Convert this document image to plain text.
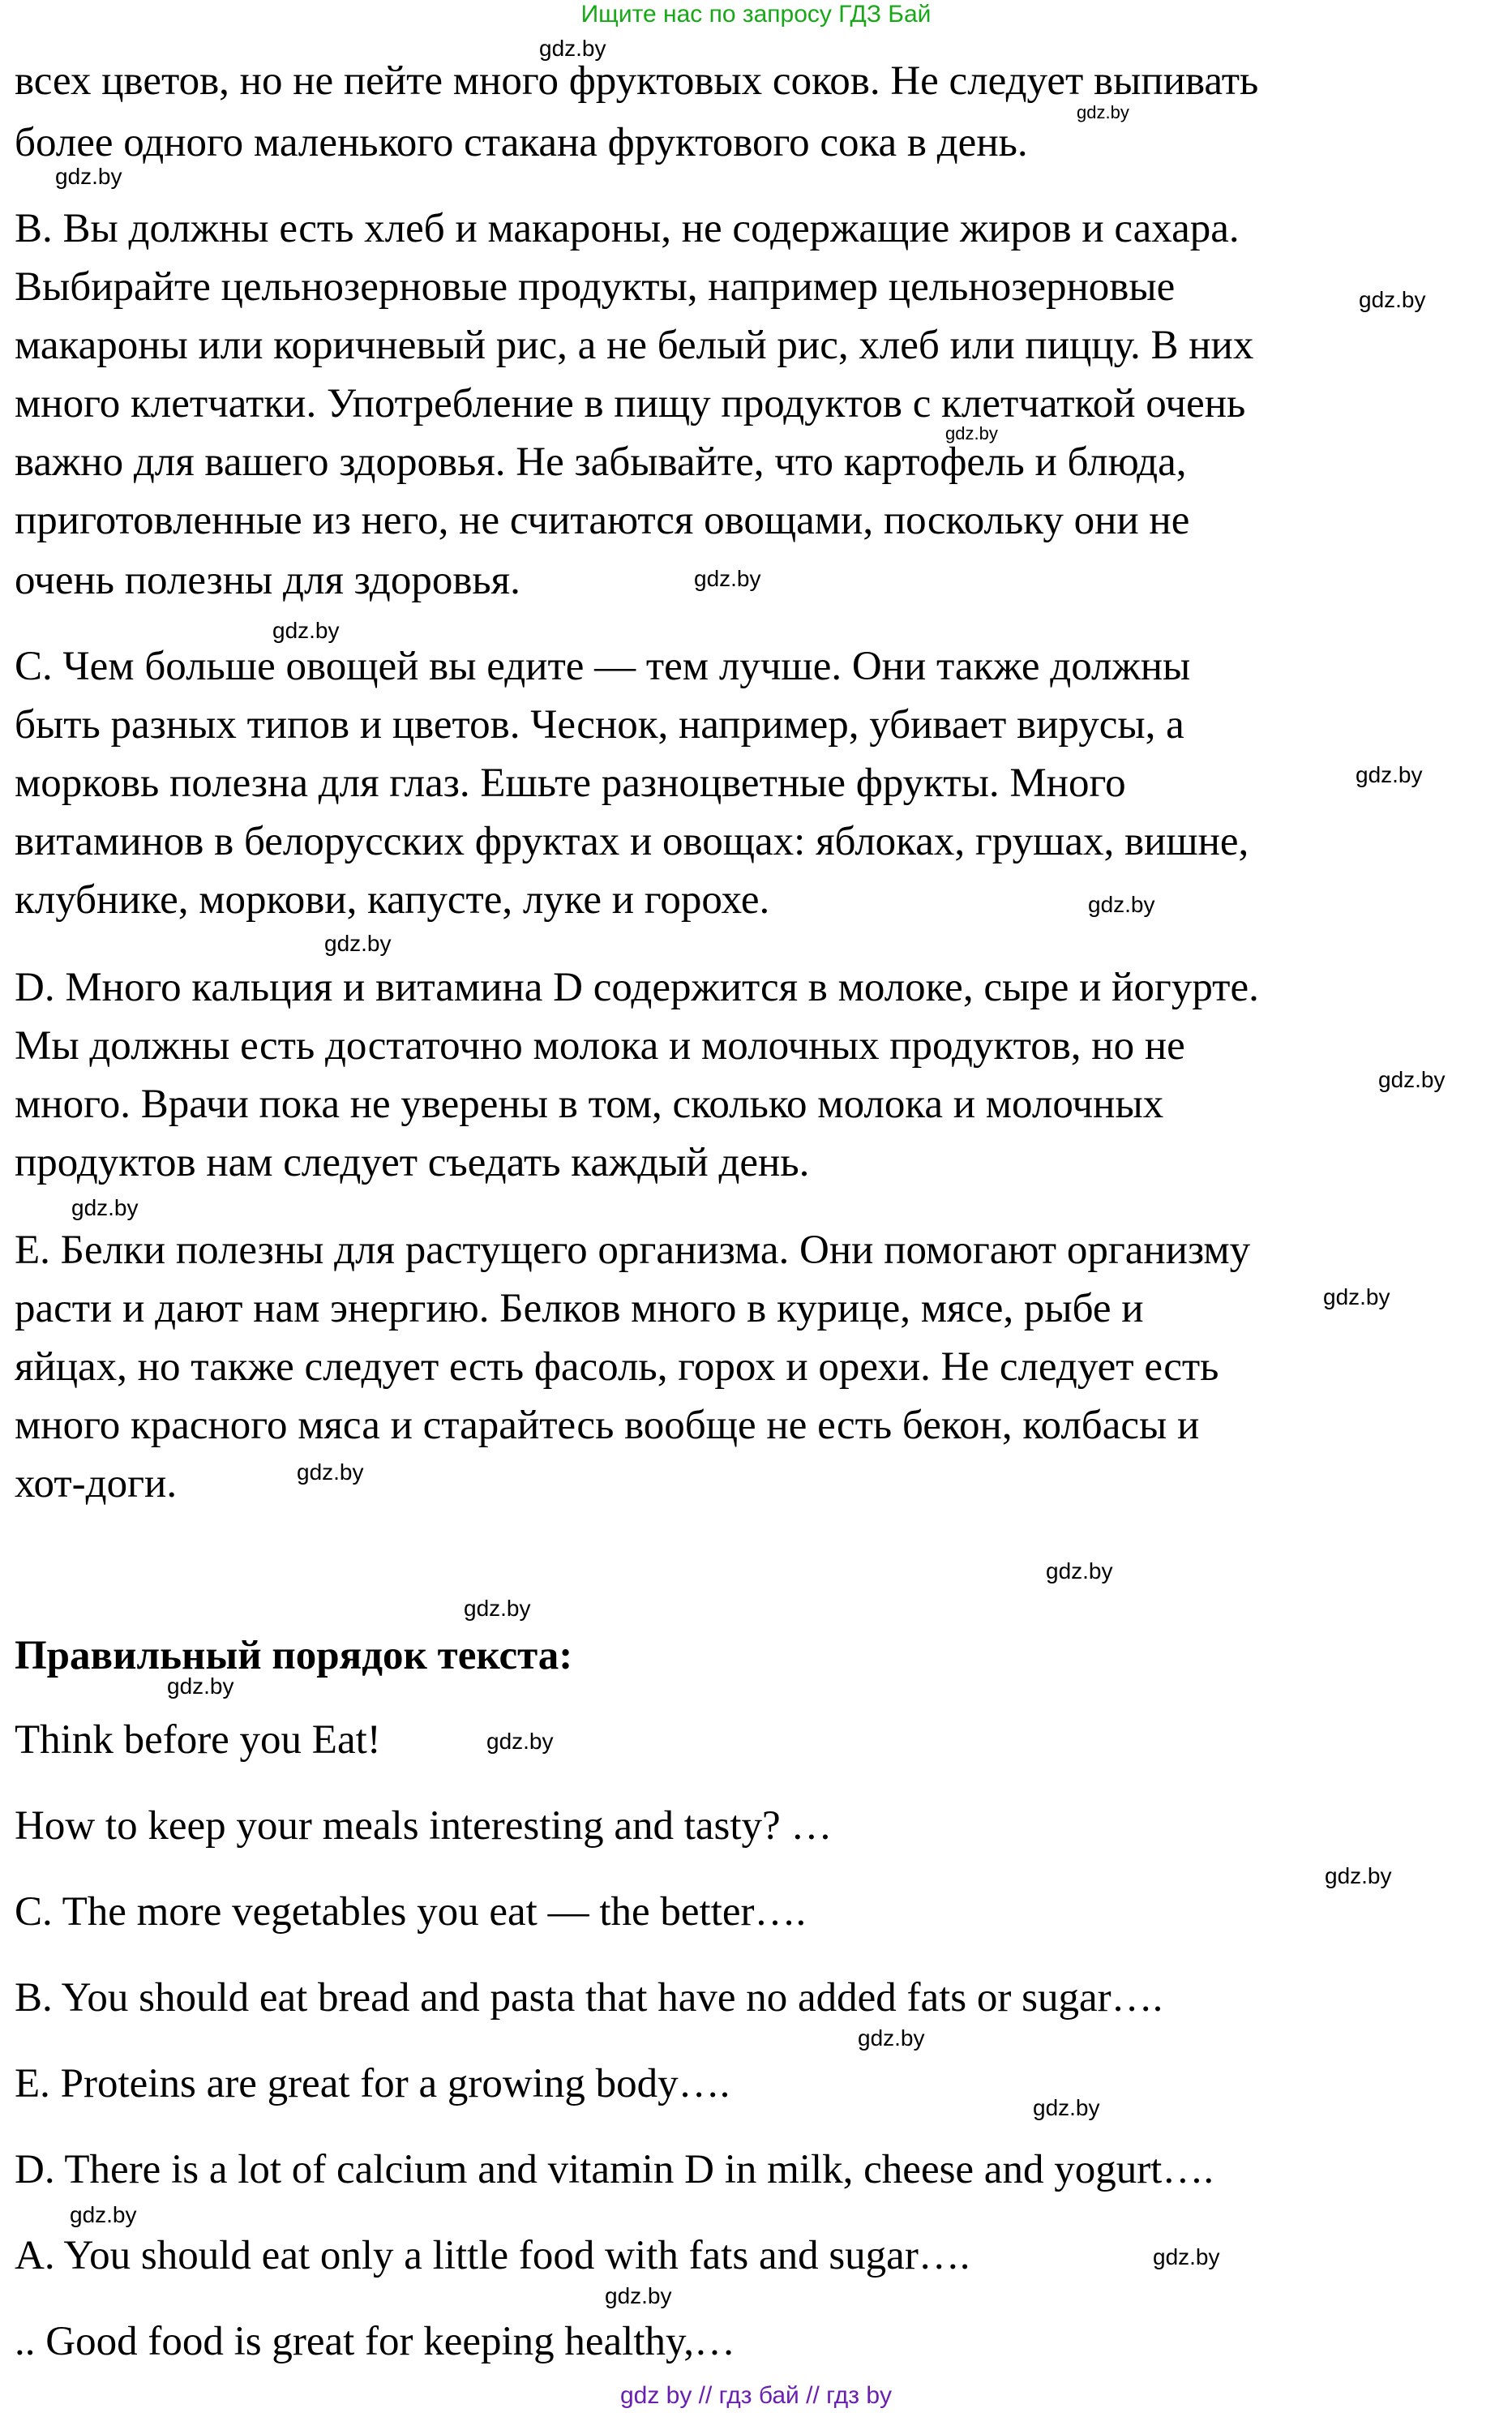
Ищите нас по запросу ГДЗ Бай
всех цветов, но не пейте много фруктовых соков. Не следует выпивать
более одного маленького стакана фруктового сока в день.
B. Вы должны есть хлеб и макароны, не содержащие жиров и сахара.
Выбирайте цельнозерновые продукты, например цельнозерновые
макароны или коричневый рис, а не белый рис, хлеб или пиццу. В них
много клетчатки. Употребление в пищу продуктов с клетчаткой очень
важно для вашего здоровья. Не забывайте, что картофель и блюда,
приготовленные из него, не считаются овощами, поскольку они не
очень полезны для здоровья.
C. Чем больше овощей вы едите — тем лучше. Они также должны
быть разных типов и цветов. Чеснок, например, убивает вирусы, а
морковь полезна для глаз. Ешьте разноцветные фрукты. Много
витаминов в белорусских фруктах и овощах: яблоках, грушах, вишне,
клубнике, моркови, капусте, луке и горохе.
D. Много кальция и витамина D содержится в молоке, сыре и йогурте.
Мы должны есть достаточно молока и молочных продуктов, но не
много. Врачи пока не уверены в том, сколько молока и молочных
продуктов нам следует съедать каждый день.
E. Белки полезны для растущего организма. Они помогают организму
расти и дают нам энергию. Белков много в курице, мясе, рыбе и
яйцах, но также следует есть фасоль, горох и орехи. Не следует есть
много красного мяса и старайтесь вообще не есть бекон, колбасы и
хот-доги.
Правильный порядок текста:
Think before you Eat!
How to keep your meals interesting and tasty? …
C. The more vegetables you eat — the better….
B. You should eat bread and pasta that have no added fats or sugar….
E. Proteins are great for a growing body….
D. There is a lot of calcium and vitamin D in milk, cheese and yogurt….
A. You should eat only a little food with fats and sugar….
.. Good food is great for keeping healthy,…
gdz.by
gdz.by
gdz.by
gdz.by
gdz.by
gdz.by
gdz.by
gdz.by
gdz.by
gdz.by
gdz.by
gdz.by
gdz.by
gdz.by
gdz.by
gdz.by
gdz.by
gdz.by
gdz.by
gdz.by
gdz.by
gdz.by
gdz.by
gdz.by
gdz by // гдз бай // гдз by
